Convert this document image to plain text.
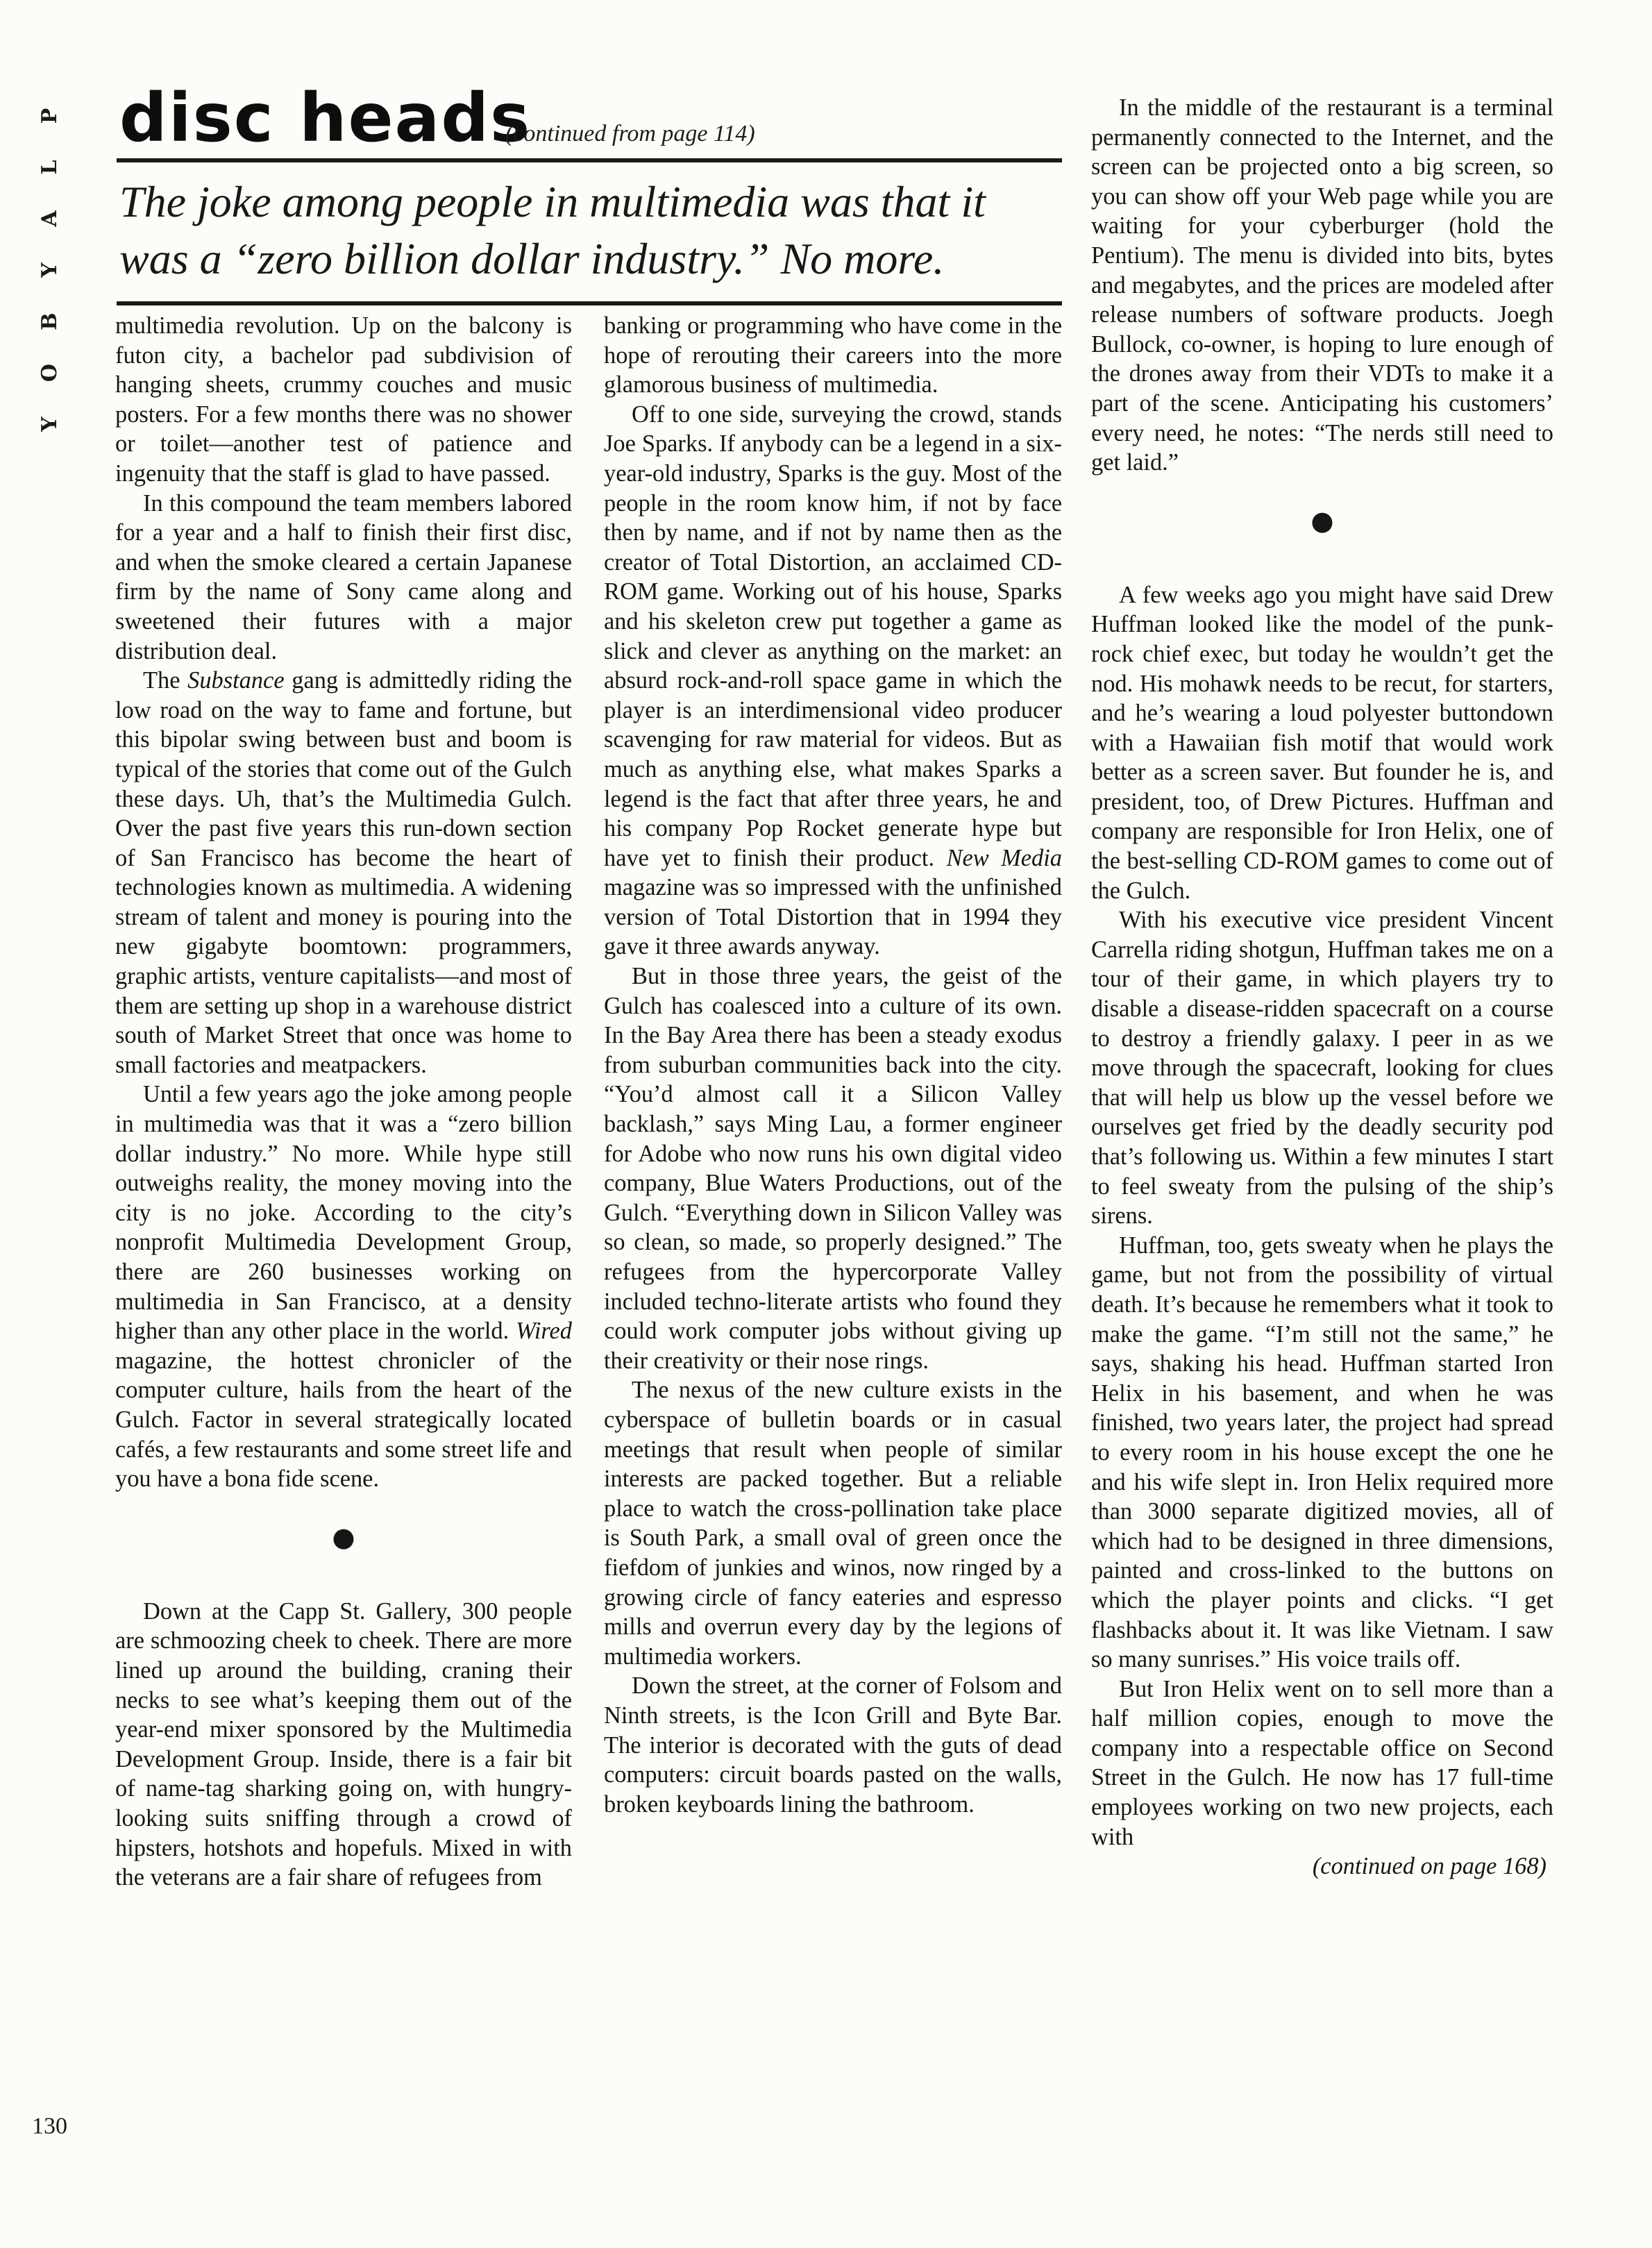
P
L
A
Y
B
O
Y
disc heads
(continued from page 114)
The joke among people in multimedia was that it was a “zero billion dollar industry.” No more.

multimedia revolution. Up on the balcony is futon city, a bachelor pad subdivision of hanging sheets, crummy couches and music posters. For a few months there was no shower or toilet—another test of patience and ingenuity that the staff is glad to have passed.

In this compound the team members labored for a year and a half to finish their first disc, and when the smoke cleared a certain Japanese firm by the name of Sony came along and sweetened their futures with a major distribution deal.

The Substance gang is admittedly riding the low road on the way to fame and fortune, but this bipolar swing between bust and boom is typical of the stories that come out of the Gulch these days. Uh, that’s the Multimedia Gulch. Over the past five years this run-down section of San Francisco has become the heart of technologies known as multimedia. A widening stream of talent and money is pouring into the new gigabyte boomtown: programmers, graphic artists, venture capitalists—and most of them are setting up shop in a warehouse district south of Market Street that once was home to small factories and meatpackers.

Until a few years ago the joke among people in multimedia was that it was a “zero billion dollar industry.” No more. While hype still outweighs reality, the money moving into the city is no joke. According to the city’s nonprofit Multimedia Development Group, there are 260 businesses working on multimedia in San Francisco, at a density higher than any other place in the world. Wired magazine, the hottest chronicler of the computer culture, hails from the heart of the Gulch. Factor in several strategically located cafés, a few restaurants and some street life and you have a bona fide scene.

●

Down at the Capp St. Gallery, 300 people are schmoozing cheek to cheek. There are more lined up around the building, craning their necks to see what’s keeping them out of the year-end mixer sponsored by the Multimedia Development Group. Inside, there is a fair bit of name-tag sharking going on, with hungry-looking suits sniffing through a crowd of hipsters, hotshots and hopefuls. Mixed in with the veterans are a fair share of refugees from

banking or programming who have come in the hope of rerouting their careers into the more glamorous business of multimedia.

Off to one side, surveying the crowd, stands Joe Sparks. If anybody can be a legend in a six-year-old industry, Sparks is the guy. Most of the people in the room know him, if not by face then by name, and if not by name then as the creator of Total Distortion, an acclaimed CD-ROM game. Working out of his house, Sparks and his skeleton crew put together a game as slick and clever as anything on the market: an absurd rock-and-roll space game in which the player is an interdimensional video producer scavenging for raw material for videos. But as much as anything else, what makes Sparks a legend is the fact that after three years, he and his company Pop Rocket generate hype but have yet to finish their product. New Media magazine was so impressed with the unfinished version of Total Distortion that in 1994 they gave it three awards anyway.

But in those three years, the geist of the Gulch has coalesced into a culture of its own. In the Bay Area there has been a steady exodus from suburban communities back into the city. “You’d almost call it a Silicon Valley backlash,” says Ming Lau, a former engineer for Adobe who now runs his own digital video company, Blue Waters Productions, out of the Gulch. “Everything down in Silicon Valley was so clean, so made, so properly designed.” The refugees from the hypercorporate Valley included techno-literate artists who found they could work computer jobs without giving up their creativity or their nose rings.

The nexus of the new culture exists in the cyberspace of bulletin boards or in casual meetings that result when people of similar interests are packed together. But a reliable place to watch the cross-pollination take place is South Park, a small oval of green once the fiefdom of junkies and winos, now ringed by a growing circle of fancy eateries and espresso mills and overrun every day by the legions of multimedia workers.

Down the street, at the corner of Folsom and Ninth streets, is the Icon Grill and Byte Bar. The interior is decorated with the guts of dead computers: circuit boards pasted on the walls, broken keyboards lining the bathroom.

In the middle of the restaurant is a terminal permanently connected to the Internet, and the screen can be projected onto a big screen, so you can show off your Web page while you are waiting for your cyberburger (hold the Pentium). The menu is divided into bits, bytes and megabytes, and the prices are modeled after release numbers of software products. Joegh Bullock, co-owner, is hoping to lure enough of the drones away from their VDTs to make it a part of the scene. Anticipating his customers’ every need, he notes: “The nerds still need to get laid.”

●

A few weeks ago you might have said Drew Huffman looked like the model of the punk-rock chief exec, but today he wouldn’t get the nod. His mohawk needs to be recut, for starters, and he’s wearing a loud polyester buttondown with a Hawaiian fish motif that would work better as a screen saver. But founder he is, and president, too, of Drew Pictures. Huffman and company are responsible for Iron Helix, one of the best-selling CD-ROM games to come out of the Gulch.

With his executive vice president Vincent Carrella riding shotgun, Huffman takes me on a tour of their game, in which players try to disable a disease-ridden spacecraft on a course to destroy a friendly galaxy. I peer in as we move through the spacecraft, looking for clues that will help us blow up the vessel before we ourselves get fried by the deadly security pod that’s following us. Within a few minutes I start to feel sweaty from the pulsing of the ship’s sirens.

Huffman, too, gets sweaty when he plays the game, but not from the possibility of virtual death. It’s because he remembers what it took to make the game. “I’m still not the same,” he says, shaking his head. Huffman started Iron Helix in his basement, and when he was finished, two years later, the project had spread to every room in his house except the one he and his wife slept in. Iron Helix required more than 3000 separate digitized movies, all of which had to be designed in three dimensions, painted and cross-linked to the buttons on which the player points and clicks. “I get flashbacks about it. It was like Vietnam. I saw so many sunrises.” His voice trails off.

But Iron Helix went on to sell more than a half million copies, enough to move the company into a respectable office on Second Street in the Gulch. He now has 17 full-time employees working on two new projects, each with

(continued on page 168)

130
